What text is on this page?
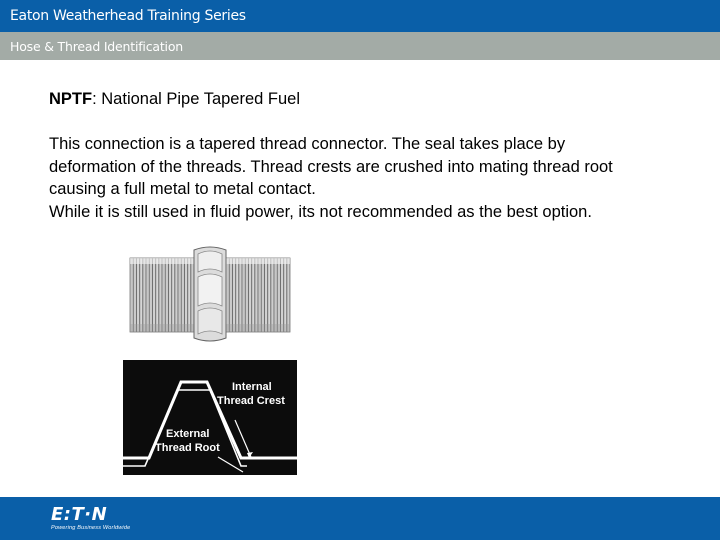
Eaton Weatherhead Training Series
Hose & Thread Identification
NPTF: National Pipe Tapered Fuel

This connection is a tapered thread connector. The seal takes place by

deformation of the threads. Thread crests are crushed into mating thread root

causing a full metal to metal contact.

While it is still used in fluid power, its not recommended as the best option.

Internal
Thread Crest
External
Thread Root
E:T·N
Powering Business Worldwide
